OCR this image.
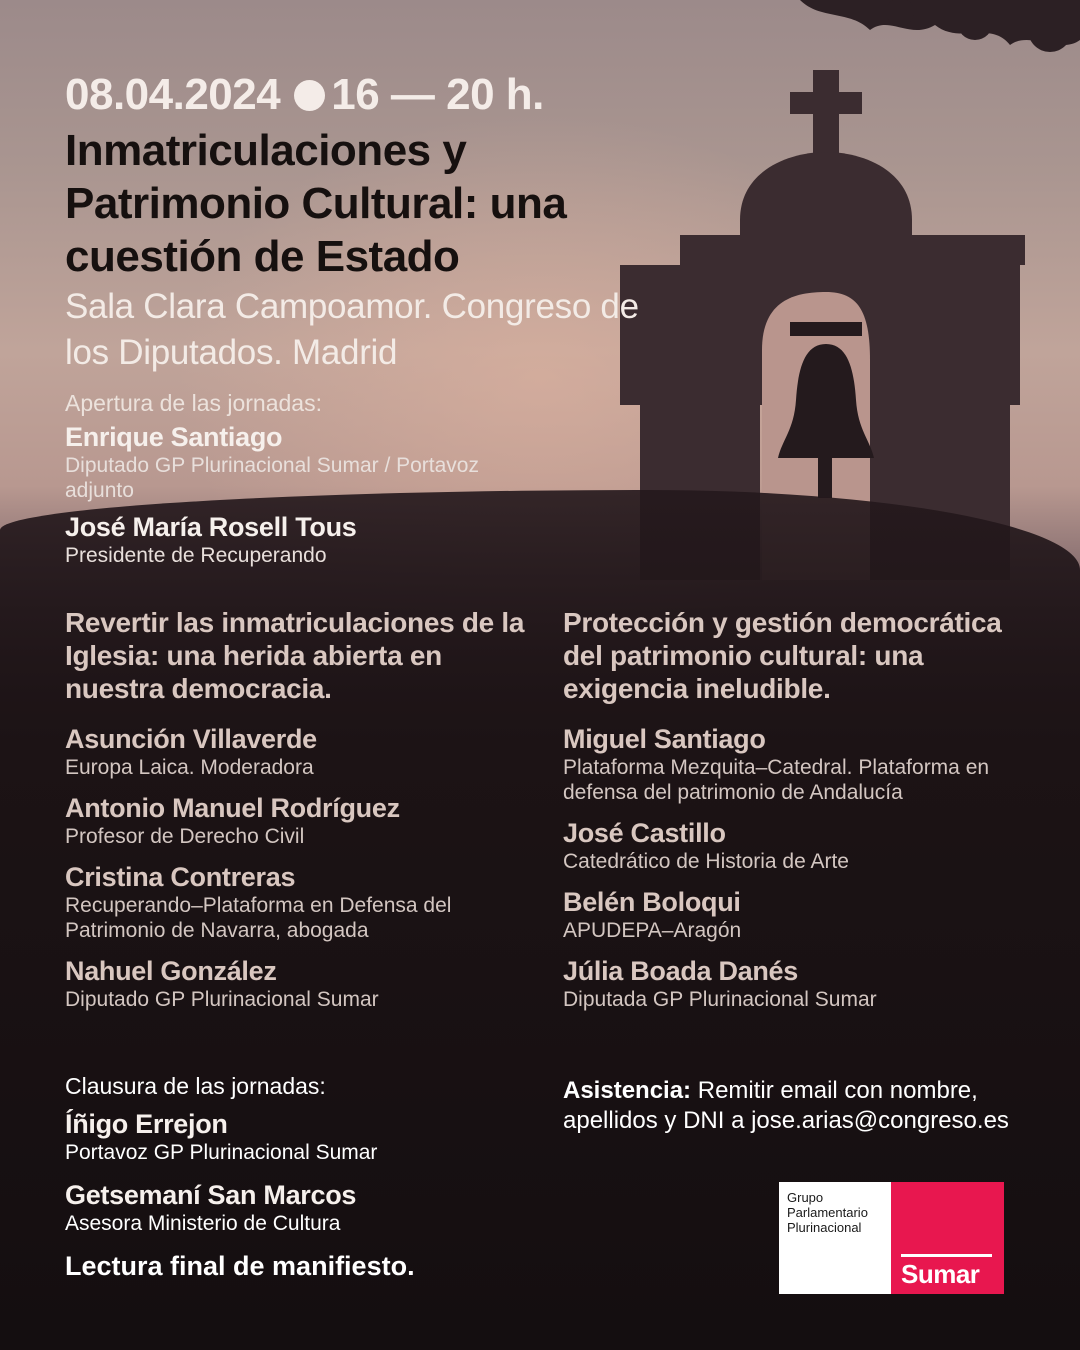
08.04.2024 16 — 20 h.
Inmatriculaciones y Patrimonio Cultural: una cuestión de Estado
Sala Clara Campoamor. Congreso de los Diputados. Madrid
Apertura de las jornadas:
Enrique Santiago
Diputado GP Plurinacional Sumar / Portavoz adjunto
José María Rosell Tous
Presidente de Recuperando
Revertir las inmatriculaciones de la Iglesia: una herida abierta en nuestra democracia.
Asunción Villaverde
Europa Laica. Moderadora
Antonio Manuel Rodríguez
Profesor de Derecho Civil
Cristina Contreras
Recuperando–Plataforma en Defensa del Patrimonio de Navarra, abogada
Nahuel González
Diputado GP Plurinacional Sumar
Protección y gestión democrática del patrimonio cultural: una exigencia ineludible.
Miguel Santiago
Plataforma Mezquita–Catedral. Plataforma en defensa del patrimonio de Andalucía
José Castillo
Catedrático de Historia de Arte
Belén Boloqui
APUDEPA–Aragón
Júlia Boada Danés
Diputada GP Plurinacional Sumar
Clausura de las jornadas:
Íñigo Errejon
Portavoz GP Plurinacional Sumar
Getsemaní San Marcos
Asesora Ministerio de Cultura
Lectura final de manifiesto.
Asistencia: Remitir email con nombre, apellidos y DNI a jose.arias@congreso.es
Grupo
Parlamentario
Plurinacional
Sumar
